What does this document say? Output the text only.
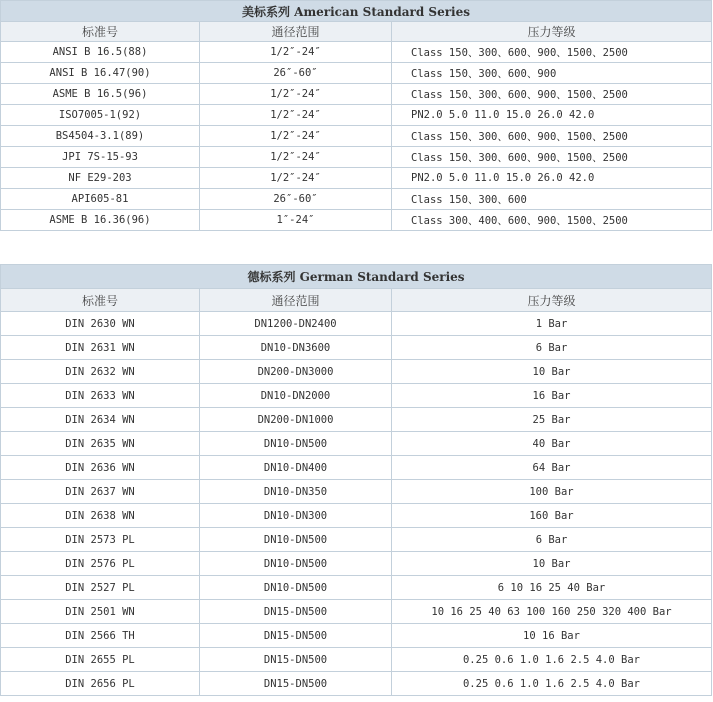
美标系列 American Standard Series		
标准号	通径范围	压力等级
ANSI B 16.5(88)	1/2″-24″	Class 150、300、600、900、1500、2500
ANSI B 16.47(90)	26″-60″	Class 150、300、600、900
ASME B 16.5(96)	1/2″-24″	Class 150、300、600、900、1500、2500
ISO7005-1(92)	1/2″-24″	PN2.0 5.0 11.0 15.0 26.0 42.0
BS4504-3.1(89)	1/2″-24″	Class 150、300、600、900、1500、2500
JPI 7S-15-93	1/2″-24″	Class 150、300、600、900、1500、2500
NF E29-203	1/2″-24″	PN2.0 5.0 11.0 15.0 26.0 42.0
API605-81	26″-60″	Class 150、300、600
ASME B 16.36(96)	1″-24″	Class 300、400、600、900、1500、2500
德标系列 German Standard Series		
标准号	通径范围	压力等级
DIN 2630 WN	DN1200-DN2400	1 Bar
DIN 2631 WN	DN10-DN3600	6 Bar
DIN 2632 WN	DN200-DN3000	10 Bar
DIN 2633 WN	DN10-DN2000	16 Bar
DIN 2634 WN	DN200-DN1000	25 Bar
DIN 2635 WN	DN10-DN500	40 Bar
DIN 2636 WN	DN10-DN400	64 Bar
DIN 2637 WN	DN10-DN350	100 Bar
DIN 2638 WN	DN10-DN300	160 Bar
DIN 2573 PL	DN10-DN500	6 Bar
DIN 2576 PL	DN10-DN500	10 Bar
DIN 2527 PL	DN10-DN500	6 10 16 25 40 Bar
DIN 2501 WN	DN15-DN500	10 16 25 40 63 100 160 250 320 400 Bar
DIN 2566 TH	DN15-DN500	10 16 Bar
DIN 2655 PL	DN15-DN500	0.25 0.6 1.0 1.6 2.5 4.0 Bar
DIN 2656 PL	DN15-DN500	0.25 0.6 1.0 1.6 2.5 4.0 Bar
